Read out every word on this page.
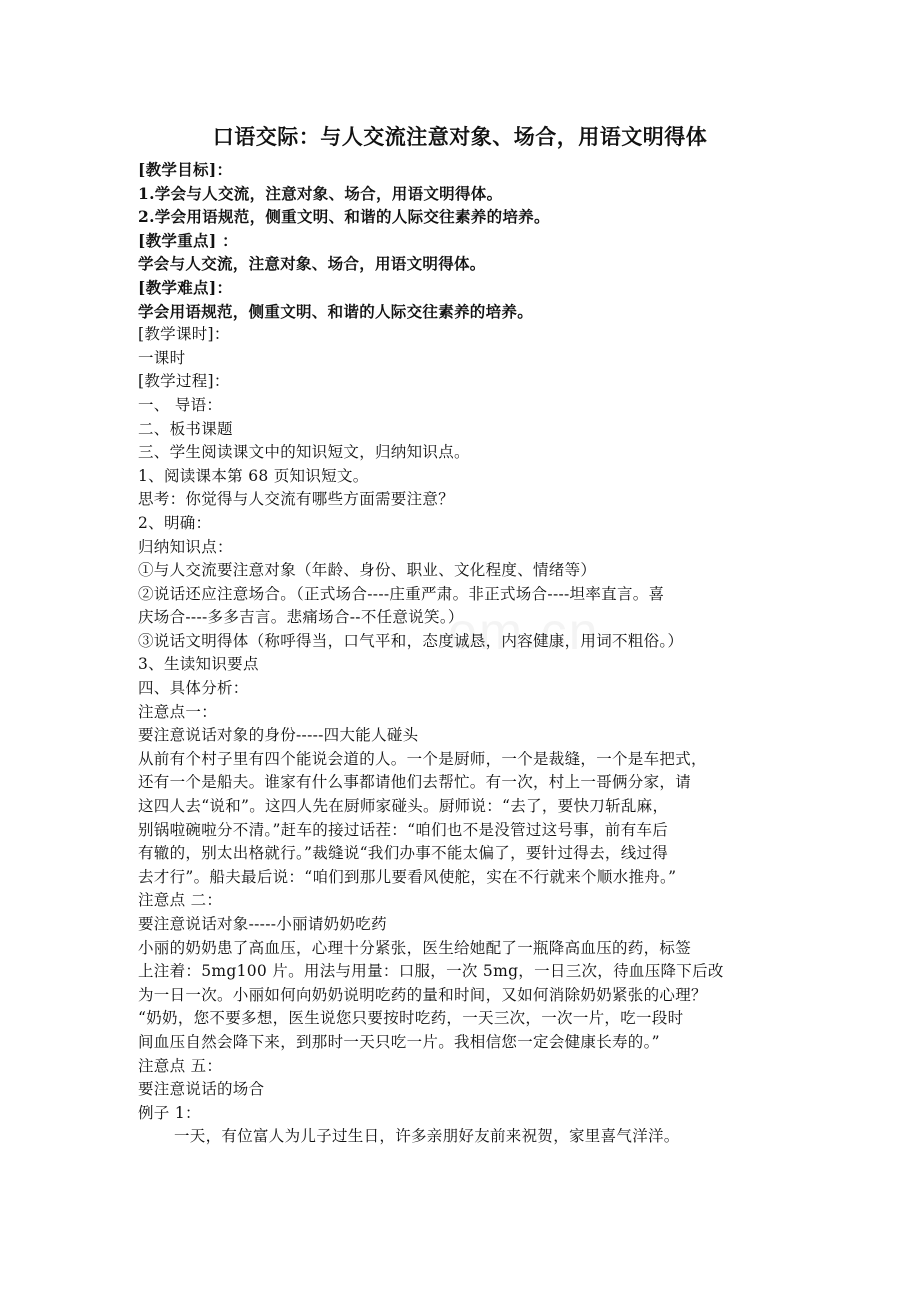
口语交际：与人交流注意对象、场合，用语文明得体
[教学目标]：
1.学会与人交流，注意对象、场合，用语文明得体。
2.学会用语规范，侧重文明、和谐的人际交往素养的培养。
[教学重点] ：
学会与人交流，注意对象、场合，用语文明得体。
[教学难点]：
学会用语规范，侧重文明、和谐的人际交往素养的培养。
[教学课时]：
一课时
[教学过程]：
一、 导语：
二、板书课题
三、学生阅读课文中的知识短文，归纳知识点。
1、阅读课本第 68 页知识短文。
思考：你觉得与人交流有哪些方面需要注意？
2、明确：
归纳知识点：
①与人交流要注意对象（年龄、身份、职业、文化程度、情绪等）
②说话还应注意场合。（正式场合----庄重严肃。非正式场合----坦率直言。喜
庆场合----多多吉言。悲痛场合--不任意说笑。）
③说话文明得体（称呼得当，口气平和，态度诚恳，内容健康，用词不粗俗。）
3、生读知识要点
四、具体分析：
注意点一：
要注意说话对象的身份-----四大能人碰头
从前有个村子里有四个能说会道的人。一个是厨师，一个是裁缝，一个是车把式，
还有一个是船夫。谁家有什么事都请他们去帮忙。有一次，村上一哥俩分家，请
这四人去“说和”。这四人先在厨师家碰头。厨师说：“去了，要快刀斩乱麻，
别锅啦碗啦分不清。”赶车的接过话茬：“咱们也不是没管过这号事，前有车后
有辙的，别太出格就行。”裁缝说“我们办事不能太偏了，要针过得去，线过得
去才行”。船夫最后说：“咱们到那儿要看风使舵，实在不行就来个顺水推舟。”
注意点 二：
要注意说话对象-----小丽请奶奶吃药
小丽的奶奶患了高血压，心理十分紧张，医生给她配了一瓶降高血压的药，标签
上注着：5mg100 片。用法与用量：口服，一次 5mg，一日三次，待血压降下后改
为一日一次。小丽如何向奶奶说明吃药的量和时间，又如何消除奶奶紧张的心理？
“奶奶，您不要多想，医生说您只要按时吃药，一天三次，一次一片，吃一段时
间血压自然会降下来，到那时一天只吃一片。我相信您一定会健康长寿的。”
注意点 五：
要注意说话的场合
例子 1：
一天，有位富人为儿子过生日，许多亲朋好友前来祝贺，家里喜气洋洋。
